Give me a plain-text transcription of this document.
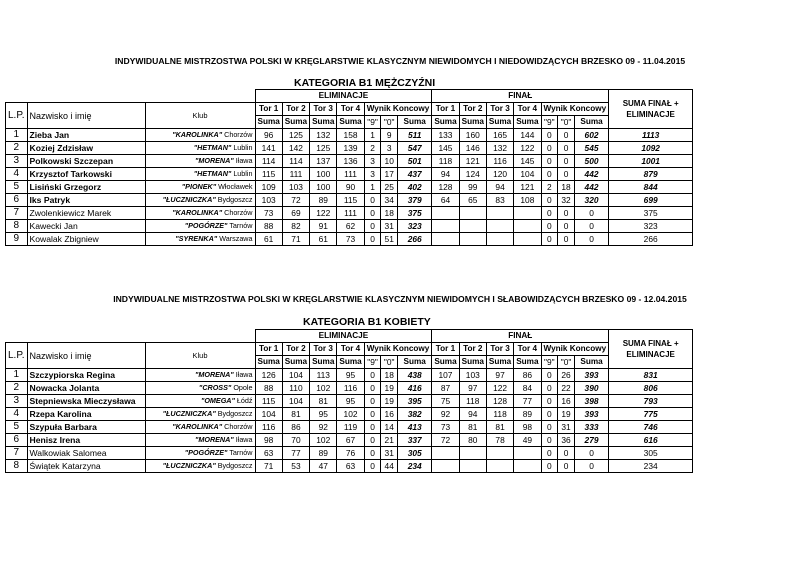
INDYWIDUALNE MISTRZOSTWA POLSKI W KRĘGLARSTWIE KLASYCZNYM NIEWIDOMYCH I NIEDOWIDZĄCYCH BRZESKO 09 - 11.04.2015
KATEGORIA B1 MĘŻCZYŹNI
			ELIMINACJE							FINAŁ							SUMA FINAŁ + ELIMINACJE
L.P.	Nazwisko i imię	Klub	Tor 1	Tor 2	Tor 3	Tor 4	Wynik Koncowy			Tor 1	Tor 2	Tor 3	Tor 4	Wynik Koncowy			
			Suma	Suma	Suma	Suma	"9"	"0"	Suma	Suma	Suma	Suma	Suma	"9"	"0"	Suma	
1	Zieba Jan	"KAROLINKA" Chorzów	96	125	132	158	1	9	511	133	160	165	144	0	0	602	1113
2	Koziej Zdzisław	"HETMAN" Lublin	141	142	125	139	2	3	547	145	146	132	122	0	0	545	1092
3	Polkowski Szczepan	"MORENA" Iława	114	114	137	136	3	10	501	118	121	116	145	0	0	500	1001
4	Krzysztof Tarkowski	"HETMAN" Lublin	115	111	100	111	3	17	437	94	124	120	104	0	0	442	879
5	Lisiński Grzegorz	"PIONEK" Włocławek	109	103	100	90	1	25	402	128	99	94	121	2	18	442	844
6	Iks Patryk	"ŁUCZNICZKA" Bydgoszcz	103	72	89	115	0	34	379	64	65	83	108	0	32	320	699
7	Zwolenkiewicz Marek	"KAROLINKA" Chorzów	73	69	122	111	0	18	375					0	0	0	375
8	Kawecki Jan	"POGÓRZE" Tarnów	88	82	91	62	0	31	323					0	0	0	323
9	Kowalak Zbigniew	"SYRENKA" Warszawa	61	71	61	73	0	51	266					0	0	0	266
INDYWIDUALNE MISTRZOSTWA POLSKI W KRĘGLARSTWIE KLASYCZNYM NIEWIDOMYCH I SŁABOWIDZĄCYCH BRZESKO 09 - 12.04.2015
KATEGORIA B1 KOBIETY
			ELIMINACJE							FINAŁ							SUMA FINAŁ + ELIMINACJE
L.P.	Nazwisko i imię	Klub	Tor 1	Tor 2	Tor 3	Tor 4	Wynik Koncowy			Tor 1	Tor 2	Tor 3	Tor 4	Wynik Koncowy			
			Suma	Suma	Suma	Suma	"9"	"0"	Suma	Suma	Suma	Suma	Suma	"9"	"0"	Suma	
1	Szczypiorska Regina	"MORENA" Iława	126	104	113	95	0	18	438	107	103	97	86	0	26	393	831
2	Nowacka Jolanta	"CROSS" Opole	88	110	102	116	0	19	416	87	97	122	84	0	22	390	806
3	Stepniewska Mieczysława	"OMEGA" Łódź	115	104	81	95	0	19	395	75	118	128	77	0	16	398	793
4	Rzepa Karolina	"ŁUCZNICZKA" Bydgoszcz	104	81	95	102	0	16	382	92	94	118	89	0	19	393	775
5	Szypuła Barbara	"KAROLINKA" Chorzów	116	86	92	119	0	14	413	73	81	81	98	0	31	333	746
6	Henisz Irena	"MORENA" Iława	98	70	102	67	0	21	337	72	80	78	49	0	36	279	616
7	Walkowiak Salomea	"POGÓRZE" Tarnów	63	77	89	76	0	31	305					0	0	0	305
8	Świątek Katarzyna	"ŁUCZNICZKA" Bydgoszcz	71	53	47	63	0	44	234					0	0	0	234
